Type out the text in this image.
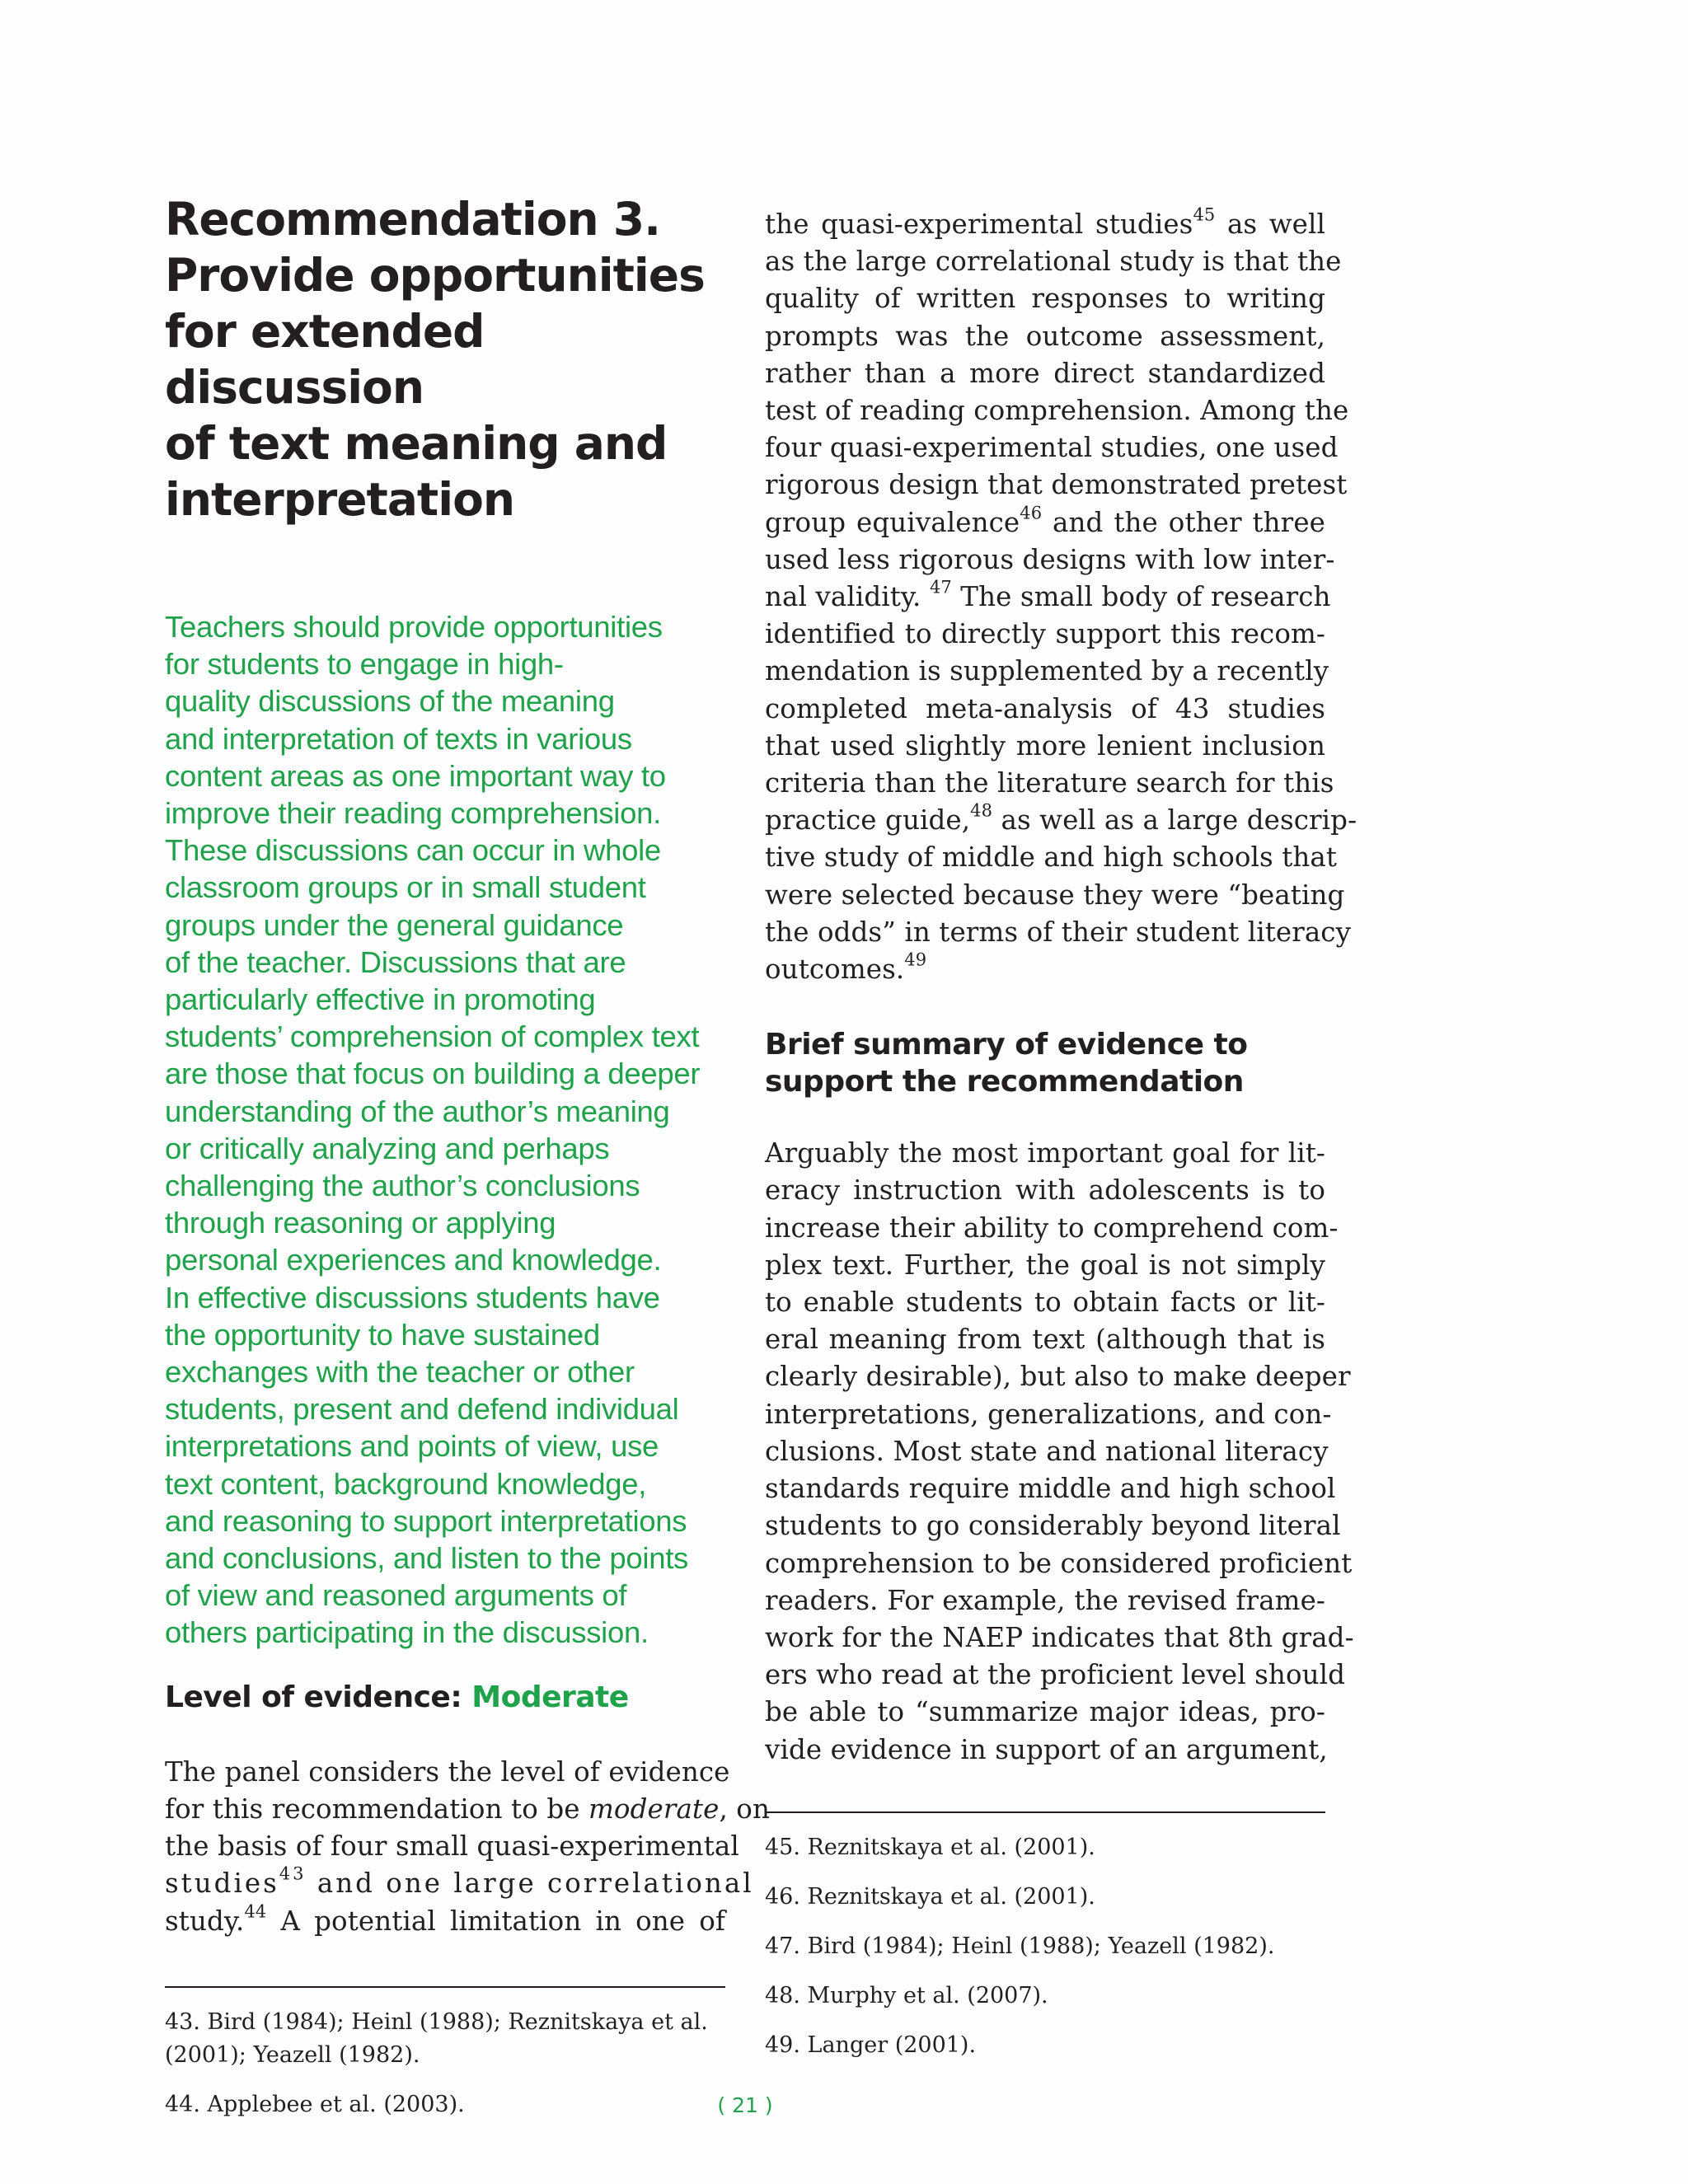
Recommendation 3.
Provide opportunities
for extended discussion
of text meaning and
interpretation
Teachers should provide opportunities
for students to engage in high-
quality discussions of the meaning
and interpretation of texts in various
content areas as one important way to
improve their reading comprehension.
These discussions can occur in whole
classroom groups or in small student
groups under the general guidance
of the teacher. Discussions that are
particularly effective in promoting
students’ comprehension of complex text
are those that focus on building a deeper
understanding of the author’s meaning
or critically analyzing and perhaps
challenging the author’s conclusions
through reasoning or applying
personal experiences and knowledge.
In effective discussions students have
the opportunity to have sustained
exchanges with the teacher or other
students, present and defend individual
interpretations and points of view, use
text content, background knowledge,
and reasoning to support interpretations
and conclusions, and listen to the points
of view and reasoned arguments of
others participating in the discussion.
Level of evidence: Moderate
The panel considers the level of evidence
for this recommendation to be moderate, on
the basis of four small quasi-experimental
studies$^{43}$ and one large correlational
study.$^{44}$ A potential limitation in one of
43. Bird (1984); Heinl (1988); Reznitskaya et al. (2001); Yeazell (1982).
44. Applebee et al. (2003).
the quasi-experimental studies$^{45}$ as well
as the large correlational study is that the
quality of written responses to writing
prompts was the outcome assessment,
rather than a more direct standardized
test of reading comprehension. Among the
four quasi-experimental studies, one used
rigorous design that demonstrated pretest
group equivalence$^{46}$ and the other three
used less rigorous designs with low inter-
nal validity. $^{47}$ The small body of research
identified to directly support this recom-
mendation is supplemented by a recently
completed meta-analysis of 43 studies
that used slightly more lenient inclusion
criteria than the literature search for this
practice guide,$^{48}$ as well as a large descrip-
tive study of middle and high schools that
were selected because they were “beating
the odds” in terms of their student literacy
outcomes.$^{49}$
Brief summary of evidence to
support the recommendation
Arguably the most important goal for lit-
eracy instruction with adolescents is to
increase their ability to comprehend com-
plex text. Further, the goal is not simply
to enable students to obtain facts or lit-
eral meaning from text (although that is
clearly desirable), but also to make deeper
interpretations, generalizations, and con-
clusions. Most state and national literacy
standards require middle and high school
students to go considerably beyond literal
comprehension to be considered proficient
readers. For example, the revised frame-
work for the NAEP indicates that 8th grad-
ers who read at the proficient level should
be able to “summarize major ideas, pro-
vide evidence in support of an argument,
45. Reznitskaya et al. (2001).
46. Reznitskaya et al. (2001).
47. Bird (1984); Heinl (1988); Yeazell (1982).
48. Murphy et al. (2007).
49. Langer (2001).
( 21 )
